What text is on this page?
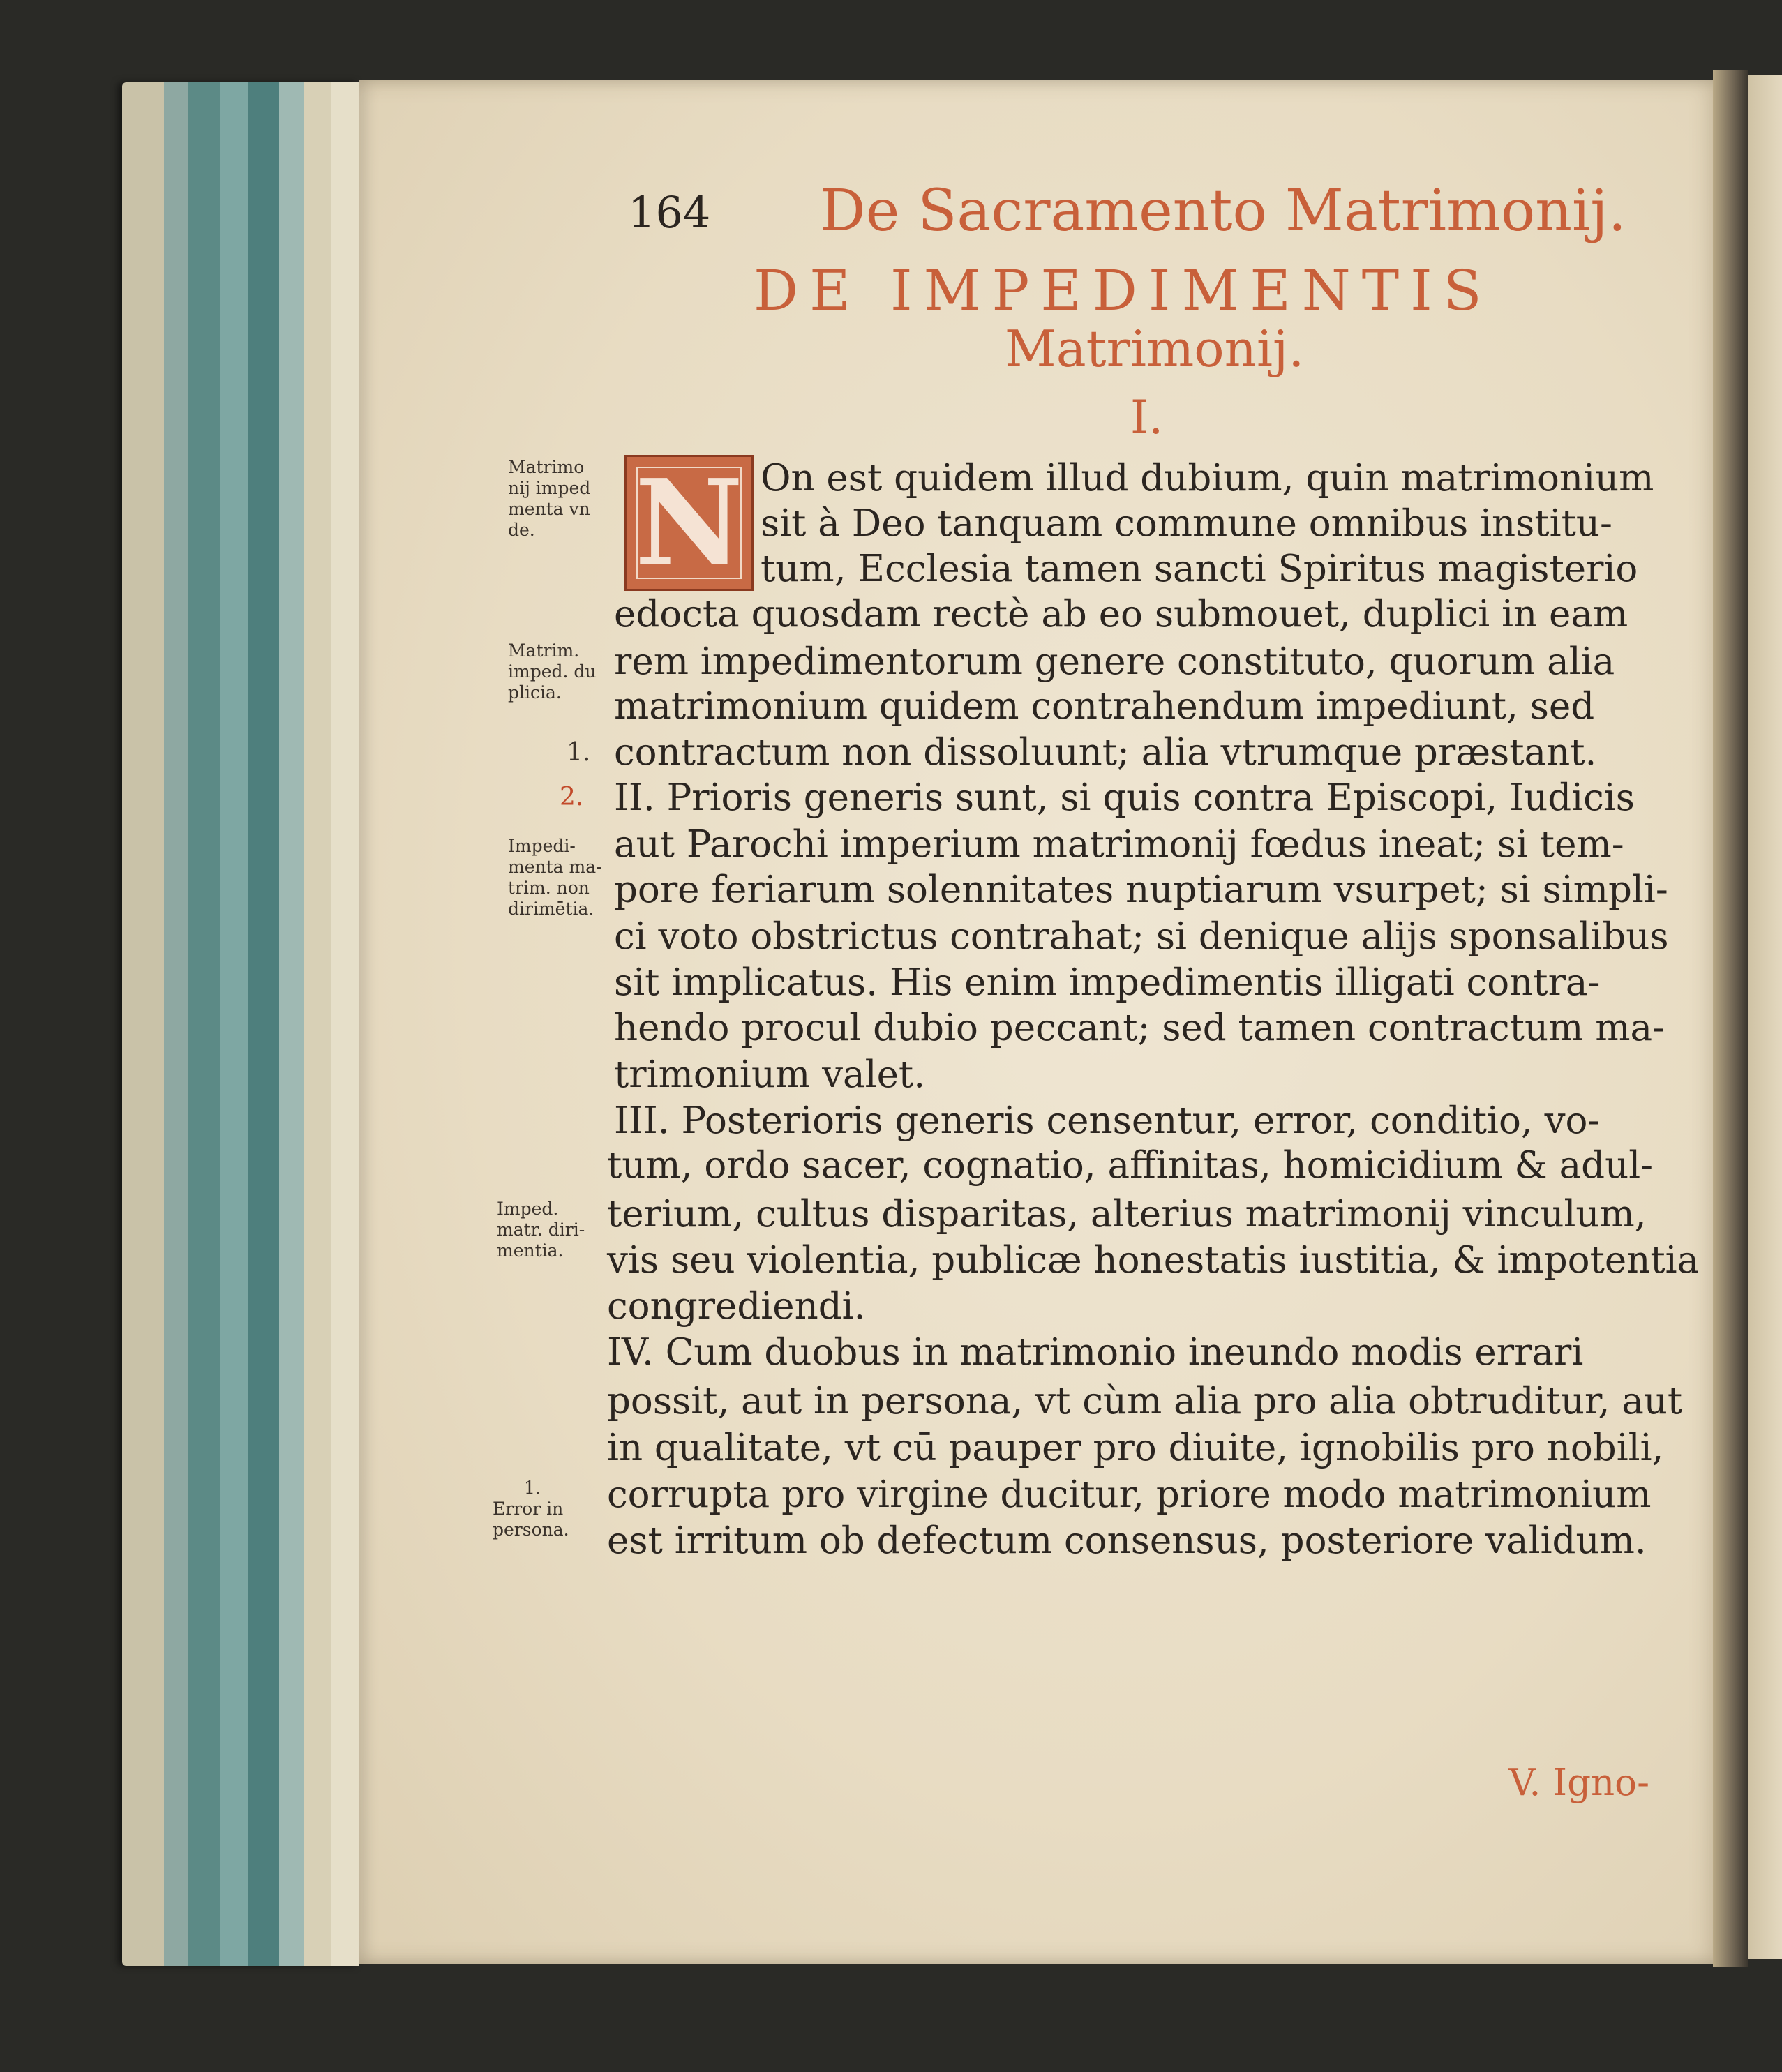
164 De Sacramento Matrimonij.
DE IMPEDIMENTIS
Matrimonij.
I.
Matrimo
nij imped
menta vn
de.
Matrim.
imped. du
plicia.
1.
2.
Impedi-
menta ma-
trim. non
dirimētia.
Imped.
matr. diri-
mentia.
1.
Error in
persona.
N On est quidem illud dubium, quin matrimonium
sit à Deo tanquam commune omnibus institu-
tum, Ecclesia tamen sancti Spiritus magisterio
edocta quosdam rectè ab eo submouet, duplici in eam
rem impedimentorum genere constituto, quorum alia
matrimonium quidem contrahendum impediunt, sed
contractum non dissoluunt; alia vtrumque præstant.
II. Prioris generis sunt, si quis contra Episcopi, Iudicis
aut Parochi imperium matrimonij fœdus ineat; si tem-
pore feriarum solennitates nuptiarum vsurpet; si simpli-
ci voto obstrictus contrahat; si denique alijs sponsalibus
sit implicatus. His enim impedimentis illigati contra-
hendo procul dubio peccant; sed tamen contractum ma-
trimonium valet.
III. Posterioris generis censentur, error, conditio, vo-
tum, ordo sacer, cognatio, affinitas, homicidium & adul-
terium, cultus disparitas, alterius matrimonij vinculum,
vis seu violentia, publicæ honestatis iustitia, & impotentia
congrediendi.
IV. Cum duobus in matrimonio ineundo modis errari
possit, aut in persona, vt cùm alia pro alia obtruditur, aut
in qualitate, vt cū pauper pro diuite, ignobilis pro nobili,
corrupta pro virgine ducitur, priore modo matrimonium
est irritum ob defectum consensus, posteriore validum.
V. Igno-
